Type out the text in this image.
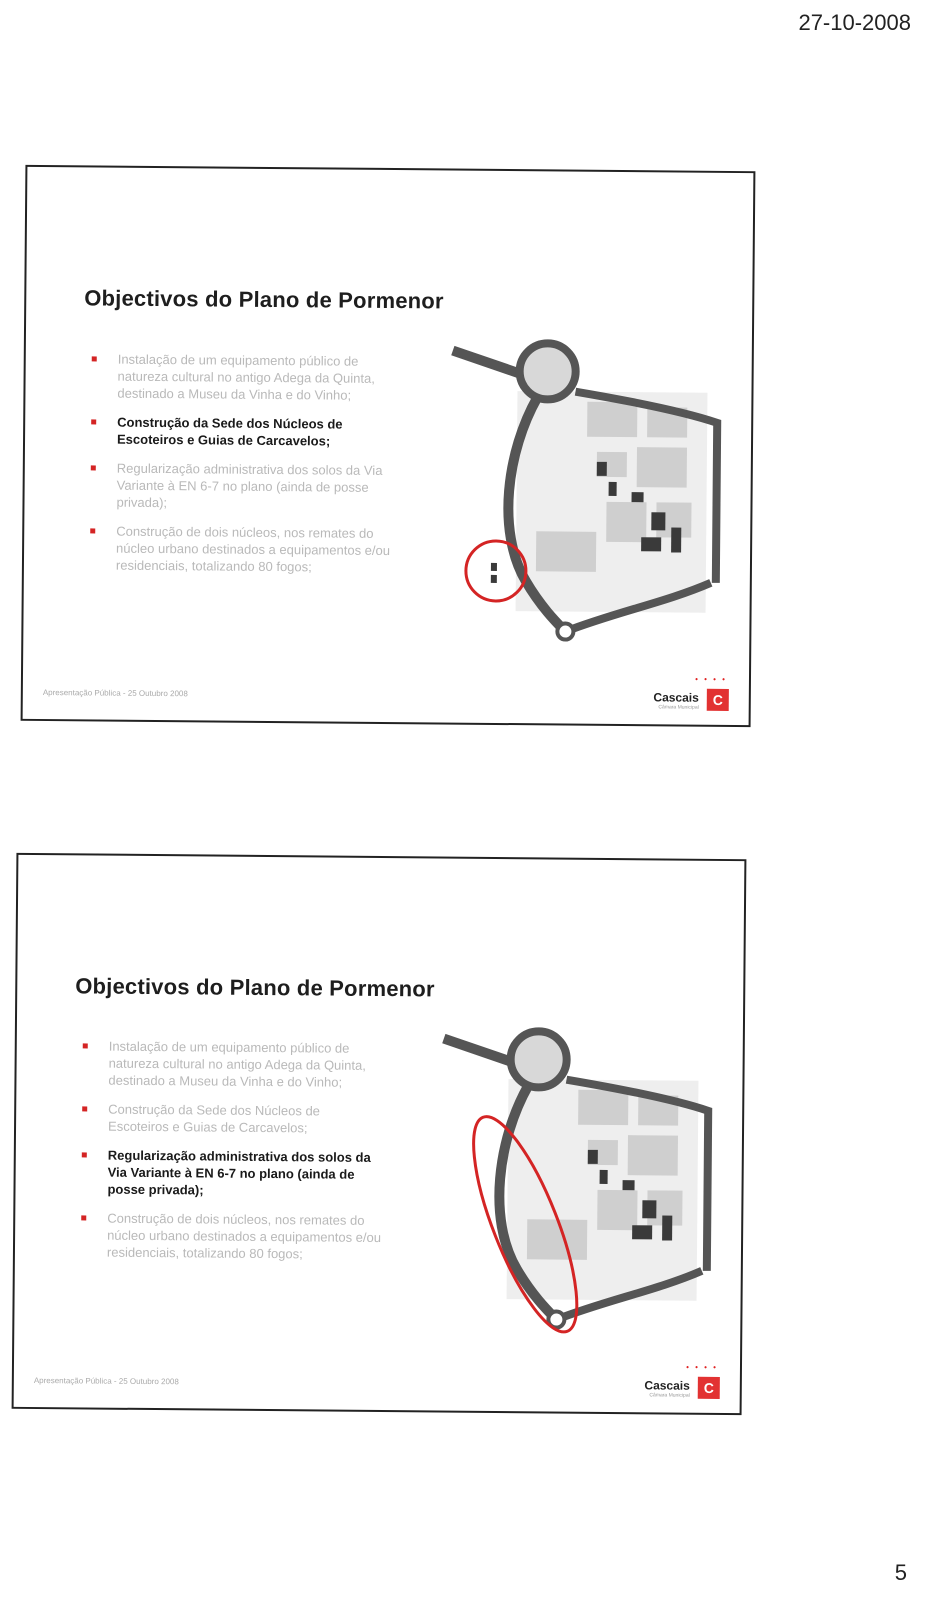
27-10-2008
Objectivos do Plano de Pormenor
Instalação de um equipamento público de natureza cultural no antigo Adega da Quinta, destinado a Museu da Vinha e do Vinho;
Construção da Sede dos Núcleos de Escoteiros e Guias de Carcavelos;
Regularização administrativa dos solos da Via Variante à EN 6-7 no plano (ainda de posse privada);
Construção de dois núcleos, nos remates do núcleo urbano destinados a equipamentos e/ou residenciais, totalizando 80 fogos;
Apresentação Pública - 25 Outubro 2008
• • • •
Cascais
Câmara Municipal C
Objectivos do Plano de Pormenor
Instalação de um equipamento público de natureza cultural no antigo Adega da Quinta, destinado a Museu da Vinha e do Vinho;
Construção da Sede dos Núcleos de Escoteiros e Guias de Carcavelos;
Regularização administrativa dos solos da Via Variante à EN 6-7 no plano (ainda de posse privada);
Construção de dois núcleos, nos remates do núcleo urbano destinados a equipamentos e/ou residenciais, totalizando 80 fogos;
Apresentação Pública - 25 Outubro 2008
• • • •
Cascais
Câmara Municipal C
5
